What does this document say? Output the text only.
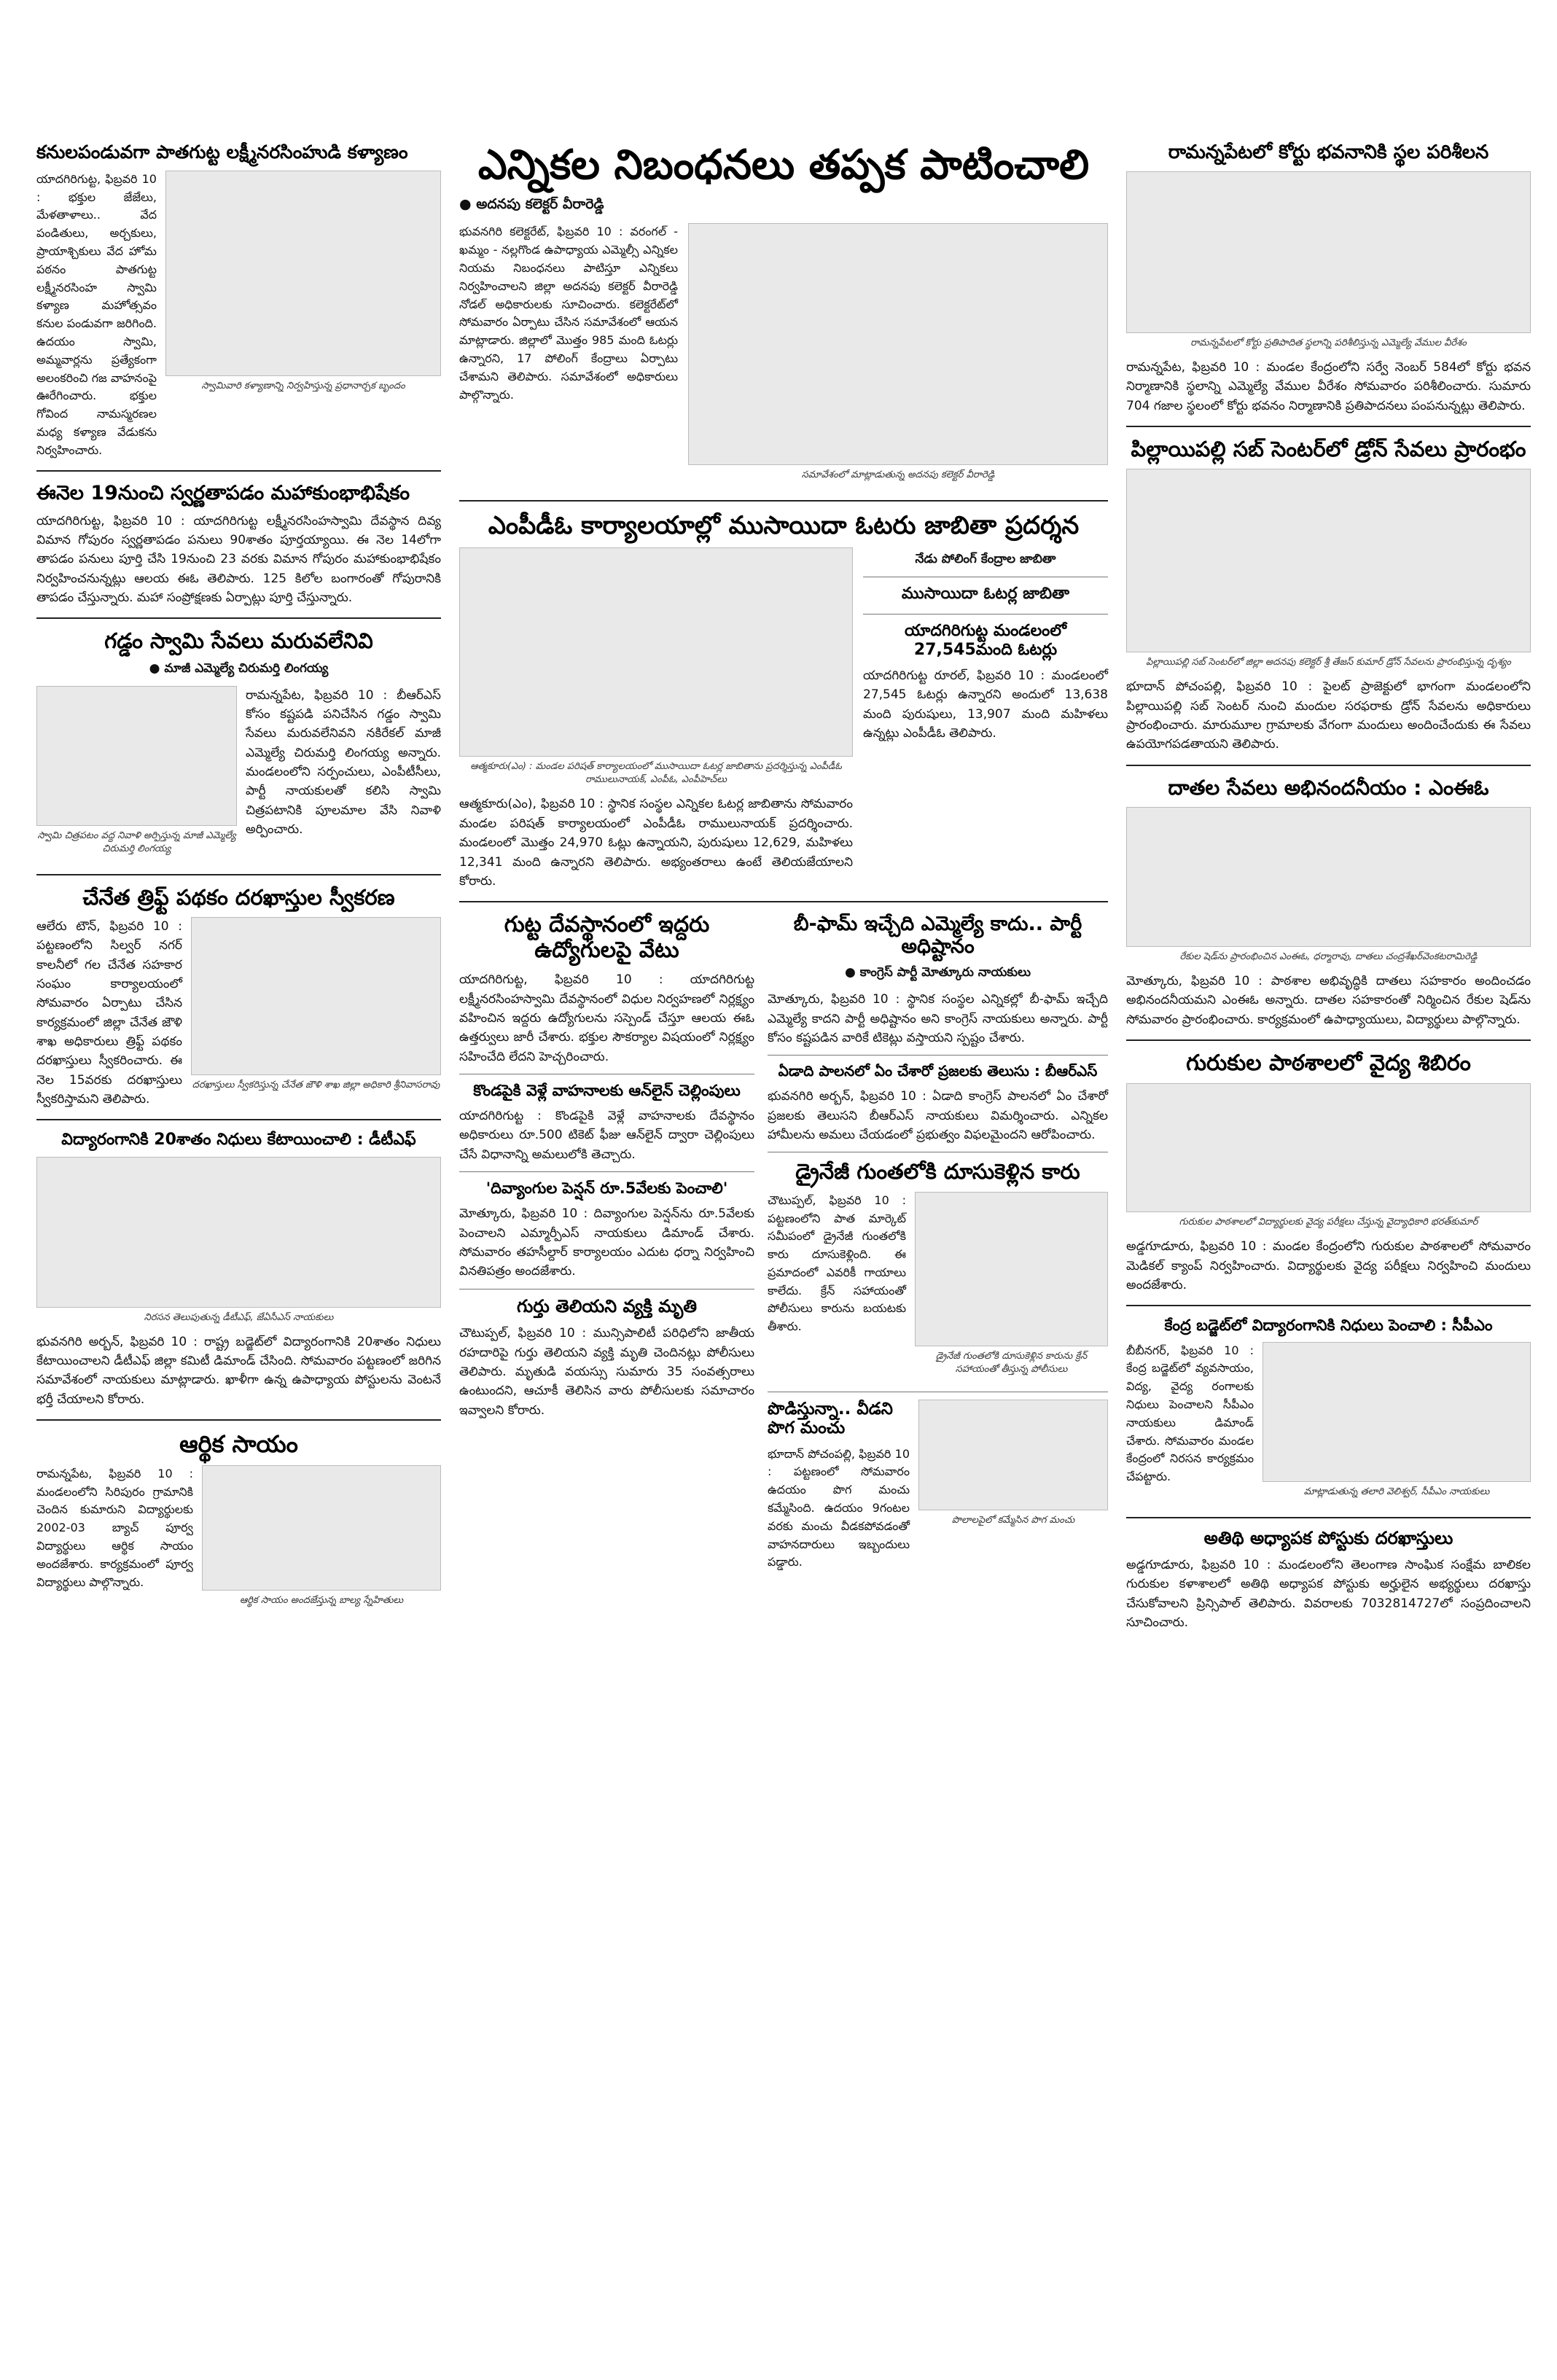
కనులపండువగా పాతగుట్ట లక్ష్మీనరసింహుడి కళ్యాణం

యాదగిరిగుట్ట, ఫిబ్రవరి 10 : భక్తుల జేజేలు, మేళతాళాలు.. వేద పండితులు, అర్చకులు, ప్రాయాశ్చికులు వేద హోమ పఠనం పాతగుట్ట లక్ష్మీనరసింహ స్వామి కళ్యాణ మహోత్సవం కనుల పండువగా జరిగింది. ఉదయం స్వామి, అమ్మవార్లను ప్రత్యేకంగా అలంకరించి గజ వాహనంపై ఊరేగించారు. భక్తుల గోవింద నామస్మరణల మధ్య కళ్యాణ వేడుకను నిర్వహించారు.

స్వామివారి కళ్యాణాన్ని నిర్వహిస్తున్న ప్రధానార్చక బృందం

ఈనెల 19నుంచి స్వర్ణతాపడం మహాకుంభాభిషేకం

యాదగిరిగుట్ట, ఫిబ్రవరి 10 : యాదగిరిగుట్ట లక్ష్మీనరసింహస్వామి దేవస్థాన దివ్య విమాన గోపురం స్వర్ణతాపడం పనులు 90శాతం పూర్తయ్యాయి. ఈ నెల 14లోగా తాపడం పనులు పూర్తి చేసి 19నుంచి 23 వరకు విమాన గోపురం మహాకుంభాభిషేకం నిర్వహించనున్నట్లు ఆలయ ఈఓ తెలిపారు. 125 కిలోల బంగారంతో గోపురానికి తాపడం చేస్తున్నారు. మహా సంప్రోక్షణకు ఏర్పాట్లు పూర్తి చేస్తున్నారు.

గడ్డం స్వామి సేవలు మరువలేనివి

● మాజీ ఎమ్మెల్యే చిరుమర్తి లింగయ్య

స్వామి చిత్రపటం వద్ద నివాళి అర్పిస్తున్న మాజీ ఎమ్మెల్యే చిరుమర్తి లింగయ్య

రామన్నపేట, ఫిబ్రవరి 10 : బీఆర్‌ఎస్ కోసం కష్టపడి పనిచేసిన గడ్డం స్వామి సేవలు మరువలేనివని నకిరేకల్ మాజీ ఎమ్మెల్యే చిరుమర్తి లింగయ్య అన్నారు. మండలంలోని సర్పంచులు, ఎంపీటీసీలు, పార్టీ నాయకులతో కలిసి స్వామి చిత్రపటానికి పూలమాల వేసి నివాళి అర్పించారు.

చేనేత త్రిఫ్ట్ పథకం దరఖాస్తుల స్వీకరణ

ఆలేరు టౌన్, ఫిబ్రవరి 10 : పట్టణంలోని సిల్వర్ నగర్ కాలనీలో గల చేనేత సహకార సంఘం కార్యాలయంలో సోమవారం ఏర్పాటు చేసిన కార్యక్రమంలో జిల్లా చేనేత జౌళి శాఖ అధికారులు త్రిఫ్ట్ పథకం దరఖాస్తులు స్వీకరించారు. ఈ నెల 15వరకు దరఖాస్తులు స్వీకరిస్తామని తెలిపారు.

దరఖాస్తులు స్వీకరిస్తున్న చేనేత జౌళి శాఖ జిల్లా అధికారి శ్రీనివాసరావు

విద్యారంగానికి 20శాతం నిధులు కేటాయించాలి : డీటీఎఫ్

నిరసన తెలుపుతున్న డీటీఎఫ్, జేఏసీఎస్ నాయకులు

భువనగిరి అర్బన్, ఫిబ్రవరి 10 : రాష్ట్ర బడ్జెట్‌లో విద్యారంగానికి 20శాతం నిధులు కేటాయించాలని డీటీఎఫ్ జిల్లా కమిటీ డిమాండ్ చేసింది. సోమవారం పట్టణంలో జరిగిన సమావేశంలో నాయకులు మాట్లాడారు. ఖాళీగా ఉన్న ఉపాధ్యాయ పోస్టులను వెంటనే భర్తీ చేయాలని కోరారు.

ఆర్థిక సాయం

రామన్నపేట, ఫిబ్రవరి 10 : మండలంలోని సిరిపురం గ్రామానికి చెందిన కుమారుని విద్యార్థులకు 2002-03 బ్యాచ్ పూర్వ విద్యార్థులు ఆర్థిక సాయం అందజేశారు. కార్యక్రమంలో పూర్వ విద్యార్థులు పాల్గొన్నారు.

ఆర్థిక సాయం అందజేస్తున్న బాల్య స్నేహితులు

ఎన్నికల నిబంధనలు తప్పక పాటించాలి

● అదనపు కలెక్టర్ వీరారెడ్డి

భువనగిరి కలెక్టరేట్, ఫిబ్రవరి 10 : వరంగల్ - ఖమ్మం - నల్లగొండ ఉపాధ్యాయ ఎమ్మెల్సీ ఎన్నికల నియమ నిబంధనలు పాటిస్తూ ఎన్నికలు నిర్వహించాలని జిల్లా అదనపు కలెక్టర్ వీరారెడ్డి నోడల్ అధికారులకు సూచించారు. కలెక్టరేట్‌లో సోమవారం ఏర్పాటు చేసిన సమావేశంలో ఆయన మాట్లాడారు. జిల్లాలో మొత్తం 985 మంది ఓటర్లు ఉన్నారని, 17 పోలింగ్ కేంద్రాలు ఏర్పాటు చేశామని తెలిపారు. సమావేశంలో అధికారులు పాల్గొన్నారు.

సమావేశంలో మాట్లాడుతున్న అదనపు కలెక్టర్ వీరారెడ్డి

ఎంపీడీఓ కార్యాలయాల్లో ముసాయిదా ఓటరు జాబితా ప్రదర్శన

ఆత్మకూరు(ఎం) : మండల పరిషత్ కార్యాలయంలో ముసాయిదా ఓటర్ల జాబితాను ప్రదర్శిస్తున్న ఎంపీడీఓ రాములునాయక్, ఎంపీఓ, ఎంపీహెచ్‌లు

ఆత్మకూరు(ఎం), ఫిబ్రవరి 10 : స్థానిక సంస్థల ఎన్నికల ఓటర్ల జాబితాను సోమవారం మండల పరిషత్ కార్యాలయంలో ఎంపీడీఓ రాములునాయక్ ప్రదర్శించారు. మండలంలో మొత్తం 24,970 ఓట్లు ఉన్నాయని, పురుషులు 12,629, మహిళలు 12,341 మంది ఉన్నారని తెలిపారు. అభ్యంతరాలు ఉంటే తెలియజేయాలని కోరారు.

నేడు పోలింగ్ కేంద్రాల జాబితా

ముసాయిదా ఓటర్ల జాబితా

యాదగిరిగుట్ట మండలంలో 27,545మంది ఓటర్లు

యాదగిరిగుట్ట రూరల్, ఫిబ్రవరి 10 : మండలంలో 27,545 ఓటర్లు ఉన్నారని అందులో 13,638 మంది పురుషులు, 13,907 మంది మహిళలు ఉన్నట్లు ఎంపీడీఓ తెలిపారు.

గుట్ట దేవస్థానంలో ఇద్దరు ఉద్యోగులపై వేటు

యాదగిరిగుట్ట, ఫిబ్రవరి 10 : యాదగిరిగుట్ట లక్ష్మీనరసింహస్వామి దేవస్థానంలో విధుల నిర్వహణలో నిర్లక్ష్యం వహించిన ఇద్దరు ఉద్యోగులను సస్పెండ్ చేస్తూ ఆలయ ఈఓ ఉత్తర్వులు జారీ చేశారు. భక్తుల సౌకర్యాల విషయంలో నిర్లక్ష్యం సహించేది లేదని హెచ్చరించారు.

కొండపైకి వెళ్లే వాహనాలకు ఆన్‌లైన్ చెల్లింపులు

యాదగిరిగుట్ట : కొండపైకి వెళ్లే వాహనాలకు దేవస్థానం అధికారులు రూ.500 టికెట్ ఫీజు ఆన్‌లైన్ ద్వారా చెల్లింపులు చేసే విధానాన్ని అమలులోకి తెచ్చారు.

'దివ్యాంగుల పెన్షన్ రూ.5వేలకు పెంచాలి'

మోత్కూరు, ఫిబ్రవరి 10 : దివ్యాంగుల పెన్షన్‌ను రూ.5వేలకు పెంచాలని ఎమ్మార్పీఎస్ నాయకులు డిమాండ్ చేశారు. సోమవారం తహసీల్దార్ కార్యాలయం ఎదుట ధర్నా నిర్వహించి వినతిపత్రం అందజేశారు.

గుర్తు తెలియని వ్యక్తి మృతి

చౌటుప్పల్, ఫిబ్రవరి 10 : మున్సిపాలిటీ పరిధిలోని జాతీయ రహదారిపై గుర్తు తెలియని వ్యక్తి మృతి చెందినట్లు పోలీసులు తెలిపారు. మృతుడి వయస్సు సుమారు 35 సంవత్సరాలు ఉంటుందని, ఆచూకీ తెలిసిన వారు పోలీసులకు సమాచారం ఇవ్వాలని కోరారు.

బీ-ఫామ్ ఇచ్చేది ఎమ్మెల్యే కాదు.. పార్టీ అధిష్టానం

● కాంగ్రెస్ పార్టీ మోత్కూరు నాయకులు

మోత్కూరు, ఫిబ్రవరి 10 : స్థానిక సంస్థల ఎన్నికల్లో బీ-ఫామ్ ఇచ్చేది ఎమ్మెల్యే కాదని పార్టీ అధిష్టానం అని కాంగ్రెస్ నాయకులు అన్నారు. పార్టీ కోసం కష్టపడిన వారికే టికెట్లు వస్తాయని స్పష్టం చేశారు.

ఏడాది పాలనలో ఏం చేశారో ప్రజలకు తెలుసు : బీఆర్‌ఎస్

భువనగిరి అర్బన్, ఫిబ్రవరి 10 : ఏడాది కాంగ్రెస్ పాలనలో ఏం చేశారో ప్రజలకు తెలుసని బీఆర్‌ఎస్ నాయకులు విమర్శించారు. ఎన్నికల హామీలను అమలు చేయడంలో ప్రభుత్వం విఫలమైందని ఆరోపించారు.

డ్రైనేజీ గుంతలోకి దూసుకెళ్లిన కారు

చౌటుప్పల్, ఫిబ్రవరి 10 : పట్టణంలోని పాత మార్కెట్ సమీపంలో డ్రైనేజీ గుంతలోకి కారు దూసుకెళ్లింది. ఈ ప్రమాదంలో ఎవరికీ గాయాలు కాలేదు. క్రేన్ సహాయంతో పోలీసులు కారును బయటకు తీశారు.

డ్రైనేజీ గుంతలోకి దూసుకెళ్లిన కారును క్రేన్ సహాయంతో తీస్తున్న పోలీసులు

పొడిస్తున్నా.. వీడని పొగ మంచు

భూదాన్ పోచంపల్లి, ఫిబ్రవరి 10 : పట్టణంలో సోమవారం ఉదయం పొగ మంచు కమ్మేసింది. ఉదయం 9గంటల వరకు మంచు వీడకపోవడంతో వాహనదారులు ఇబ్బందులు పడ్డారు.

పొలాలపైలో కమ్మేసిన పొగ మంచు

రామన్నపేటలో కోర్టు భవనానికి స్థల పరిశీలన

రామన్నపేటలో కోర్టు ప్రతిపాదిత స్థలాన్ని పరిశీలిస్తున్న ఎమ్మెల్యే వేముల వీరేశం

రామన్నపేట, ఫిబ్రవరి 10 : మండల కేంద్రంలోని సర్వే నెంబర్ 584లో కోర్టు భవన నిర్మాణానికి స్థలాన్ని ఎమ్మెల్యే వేముల వీరేశం సోమవారం పరిశీలించారు. సుమారు 704 గజాల స్థలంలో కోర్టు భవనం నిర్మాణానికి ప్రతిపాదనలు పంపనున్నట్లు తెలిపారు.

పిల్లాయిపల్లి సబ్ సెంటర్‌లో డ్రోన్ సేవలు ప్రారంభం

పిల్లాయిపల్లి సబ్ సెంటర్‌లో జిల్లా అదనపు కలెక్టర్ శ్రీ తేజస్ కుమార్ డ్రోన్ సేవలను ప్రారంభిస్తున్న దృశ్యం

భూదాన్ పోచంపల్లి, ఫిబ్రవరి 10 : పైలట్ ప్రాజెక్టులో భాగంగా మండలంలోని పిల్లాయిపల్లి సబ్ సెంటర్ నుంచి మందుల సరఫరాకు డ్రోన్ సేవలను అధికారులు ప్రారంభించారు. మారుమూల గ్రామాలకు వేగంగా మందులు అందించేందుకు ఈ సేవలు ఉపయోగపడతాయని తెలిపారు.

దాతల సేవలు అభినందనీయం : ఎంఈఓ

రేకుల షెడ్‌ను ప్రారంభించిన ఎంఈఓ, ధర్మారావు, దాతలు చంద్రశేఖర్‌వెంకటరామిరెడ్డి

మోత్కూరు, ఫిబ్రవరి 10 : పాఠశాల అభివృద్ధికి దాతలు సహకారం అందించడం అభినందనీయమని ఎంఈఓ అన్నారు. దాతల సహకారంతో నిర్మించిన రేకుల షెడ్‌ను సోమవారం ప్రారంభించారు. కార్యక్రమంలో ఉపాధ్యాయులు, విద్యార్థులు పాల్గొన్నారు.

గురుకుల పాఠశాలలో వైద్య శిబిరం

గురుకుల పాఠశాలలో విద్యార్థులకు వైద్య పరీక్షలు చేస్తున్న వైద్యాధికారి భరత్‌కుమార్

అడ్డగూడూరు, ఫిబ్రవరి 10 : మండల కేంద్రంలోని గురుకుల పాఠశాలలో సోమవారం మెడికల్ క్యాంప్ నిర్వహించారు. విద్యార్థులకు వైద్య పరీక్షలు నిర్వహించి మందులు అందజేశారు.

కేంద్ర బడ్జెట్‌లో విద్యారంగానికి నిధులు పెంచాలి : సీపీఎం

బీబీనగర్, ఫిబ్రవరి 10 : కేంద్ర బడ్జెట్‌లో వ్యవసాయం, విద్య, వైద్య రంగాలకు నిధులు పెంచాలని సీపీఎం నాయకులు డిమాండ్ చేశారు. సోమవారం మండల కేంద్రంలో నిరసన కార్యక్రమం చేపట్టారు.

మాట్లాడుతున్న తలారి వెలిశ్వర్, సీపీఎం నాయకులు

అతిథి అధ్యాపక పోస్టుకు దరఖాస్తులు

అడ్డగూడూరు, ఫిబ్రవరి 10 : మండలంలోని తెలంగాణ సాంఘిక సంక్షేమ బాలికల గురుకుల కళాశాలలో అతిథి అధ్యాపక పోస్టుకు అర్హులైన అభ్యర్థులు దరఖాస్తు చేసుకోవాలని ప్రిన్సిపాల్ తెలిపారు. వివరాలకు 7032814727లో సంప్రదించాలని సూచించారు.
